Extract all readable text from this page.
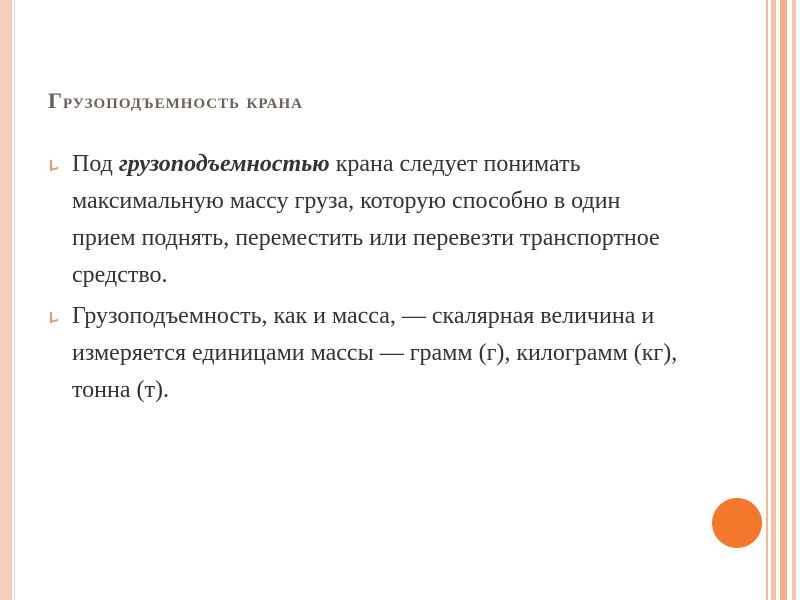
Грузоподъемность крана
Под грузоподъемностью крана следует понимать максимальную массу груза, которую способно в один прием поднять, переместить или перевезти транспортное средство.
Грузоподъемность, как и масса, — скалярная величина и измеряется единицами массы — грамм (г), килограмм (кг), тонна (т).
